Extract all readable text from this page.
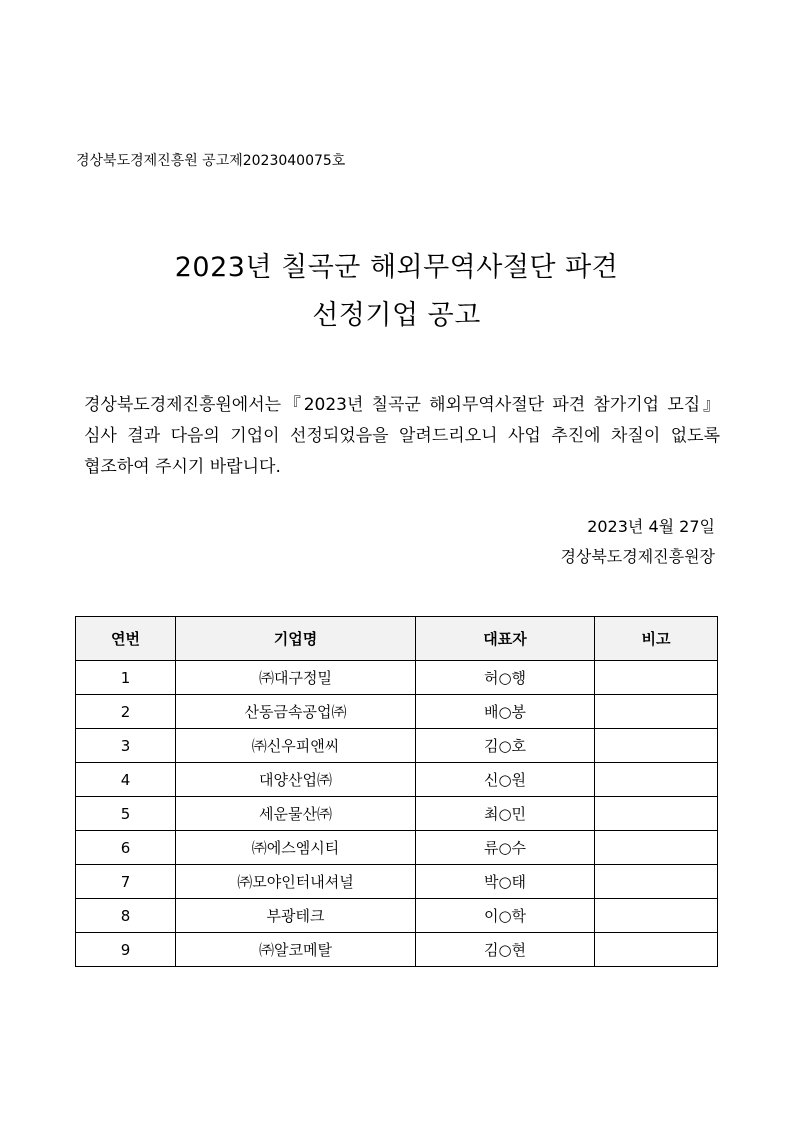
경상북도경제진흥원 공고제2023040075호
2023년 칠곡군 해외무역사절단 파견
선정기업 공고

경상북도경제진흥원에서는『2023년 칠곡군 해외무역사절단 파견 참가기업 모집』심사 결과 다음의 기업이 선정되었음을 알려드리오니 사업 추진에 차질이 없도록 협조하여 주시기 바랍니다.

2023년 4월 27일
경상북도경제진흥원장
연번	기업명	대표자	비고
1	㈜대구정밀	허○행	
2	산동금속공업㈜	배○봉	
3	㈜신우피앤씨	김○호	
4	대양산업㈜	신○원	
5	세운물산㈜	최○민	
6	㈜에스엠시티	류○수	
7	㈜모야인터내셔널	박○태	
8	부광테크	이○학	
9	㈜알코메탈	김○현	
